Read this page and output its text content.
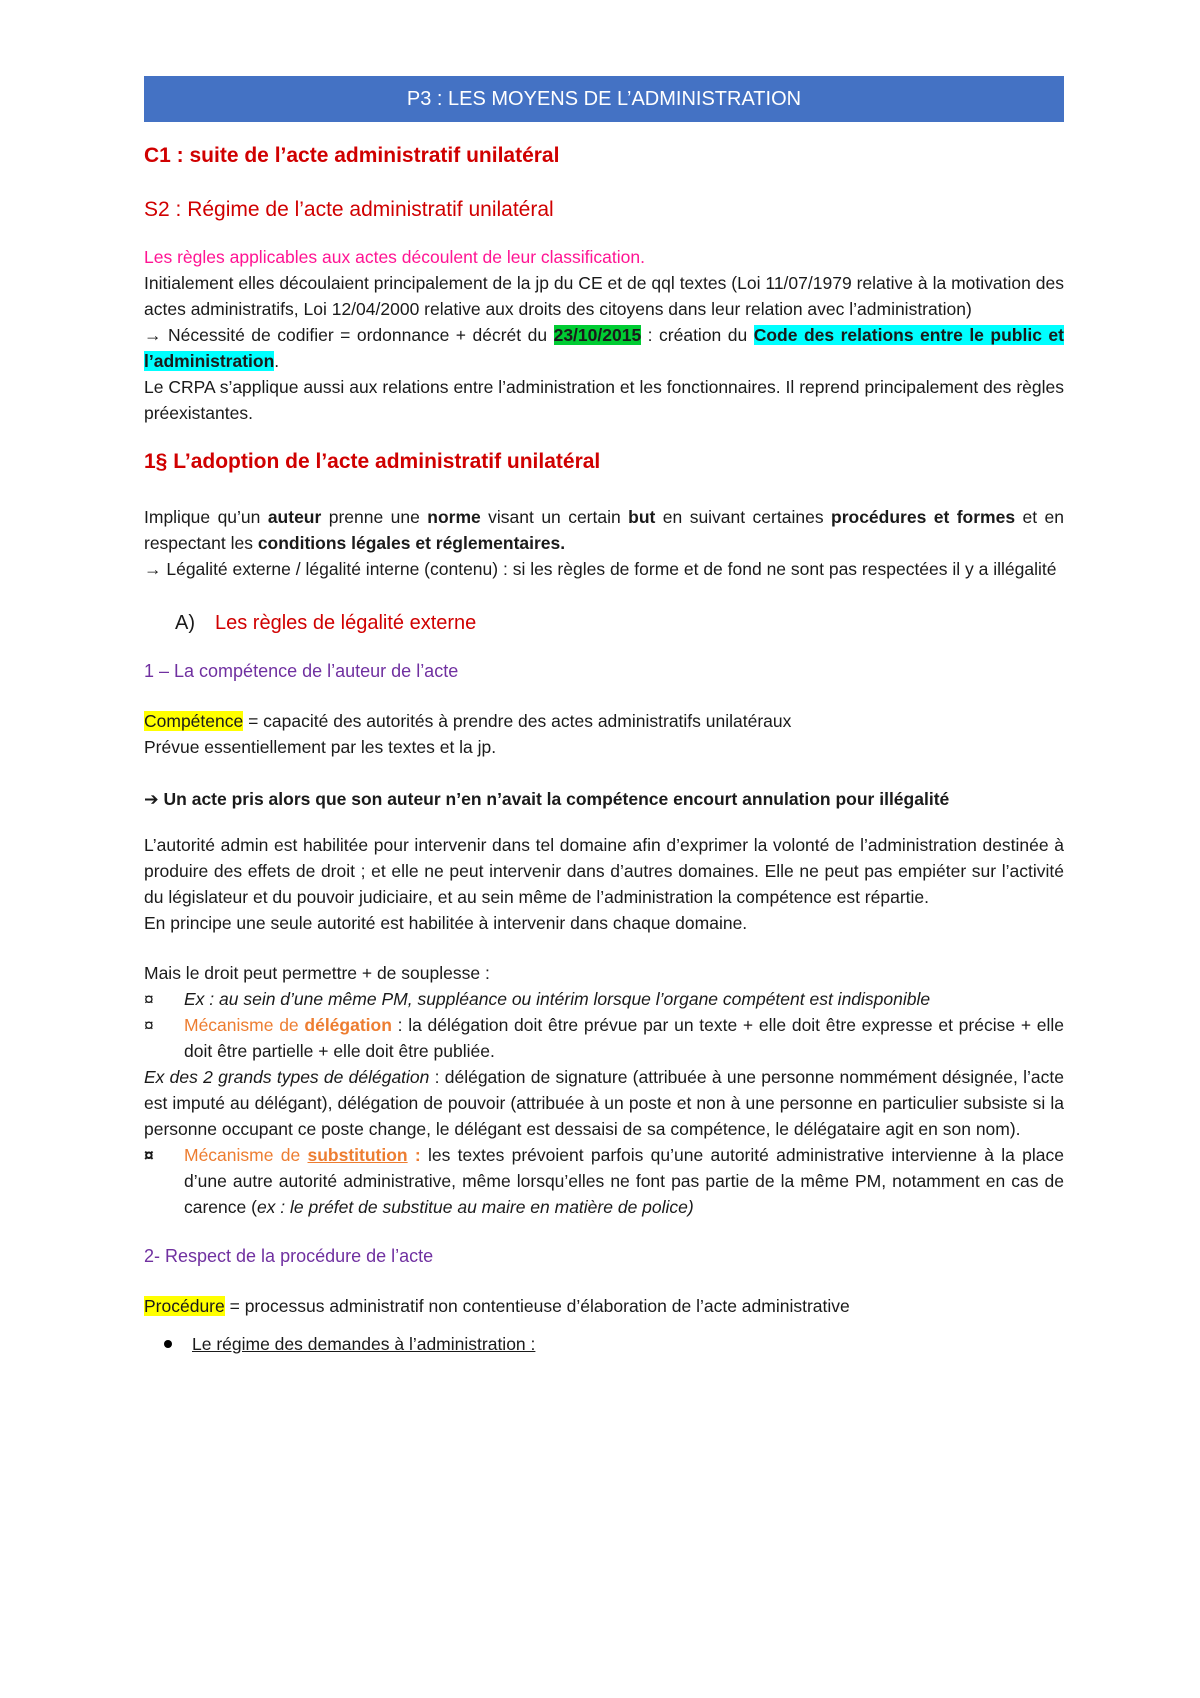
P3 : LES MOYENS DE L’ADMINISTRATION
C1 : suite de l’acte administratif unilatéral
S2 : Régime de l’acte administratif unilatéral

Les règles applicables aux actes découlent de leur classification.

Initialement elles découlaient principalement de la jp du CE et de qql textes (Loi 11/07/1979 relative à la motivation des actes administratifs, Loi 12/04/2000 relative aux droits des citoyens dans leur relation avec l’administration)

→ Nécessité de codifier = ordonnance + décrét du 23/10/2015 : création du Code des relations entre le public et l’administration.

Le CRPA s’applique aussi aux relations entre l’administration et les fonctionnaires. Il reprend principalement des règles préexistantes.

1§ L’adoption de l’acte administratif unilatéral

Implique qu’un auteur prenne une norme visant un certain but en suivant certaines procédures et formes et en respectant les conditions légales et réglementaires.

→ Légalité externe / légalité interne (contenu) : si les règles de forme et de fond ne sont pas respectées il y a illégalité

A)	Les règles de légalité externe
1 – La compétence de l’auteur de l’acte

Compétence = capacité des autorités à prendre des actes administratifs unilatéraux

Prévue essentiellement par les textes et la jp.

➔ Un acte pris alors que son auteur n’en n’avait la compétence encourt annulation pour illégalité

L’autorité admin est habilitée pour intervenir dans tel domaine afin d’exprimer la volonté de l’administration destinée à produire des effets de droit ; et elle ne peut intervenir dans d’autres domaines. Elle ne peut pas empiéter sur l’activité du législateur et du pouvoir judiciaire, et au sein même de l’administration la compétence est répartie.

En principe une seule autorité est habilitée à intervenir dans chaque domaine.

Mais le droit peut permettre + de souplesse :

¤	Ex : au sein d’une même PM, suppléance ou intérim lorsque l’organe compétent est indisponible
¤	Mécanisme de délégation : la délégation doit être prévue par un texte + elle doit être expresse et précise + elle doit être partielle + elle doit être publiée.

Ex des 2 grands types de délégation : délégation de signature (attribuée à une personne nommément désignée, l’acte est imputé au délégant), délégation de pouvoir (attribuée à un poste et non à une personne en particulier subsiste si la personne occupant ce poste change, le délégant est dessaisi de sa compétence, le délégataire agit en son nom).

¤	Mécanisme de substitution : les textes prévoient parfois qu’une autorité administrative intervienne à la place d’une autre autorité administrative, même lorsqu’elles ne font pas partie de la même PM, notamment en cas de carence (ex : le préfet de substitue au maire en matière de police)
2- Respect de la procédure de l’acte

Procédure = processus administratif non contentieuse d’élaboration de l’acte administrative

Le régime des demandes à l’administration :
